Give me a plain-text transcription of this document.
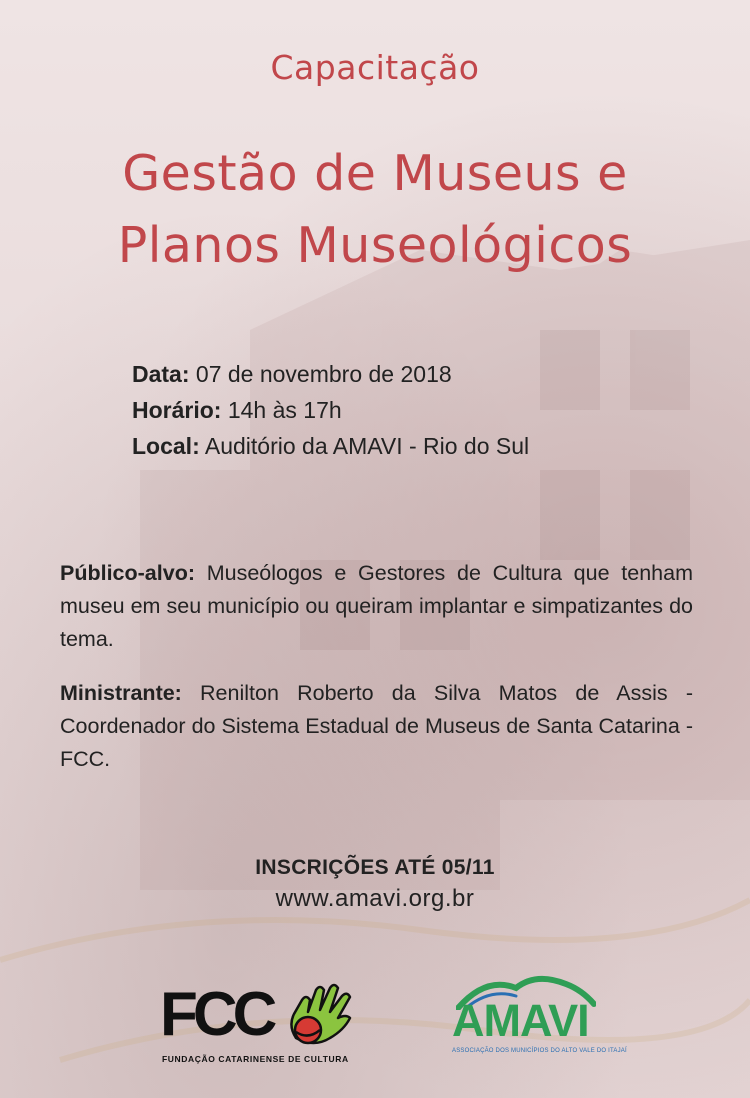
Capacitação
Gestão de Museus e
Planos Museológicos
Data: 07 de novembro de 2018
Horário: 14h às 17h
Local: Auditório da AMAVI - Rio do Sul
Público-alvo: Museólogos e Gestores de Cultura que tenham museu em seu município ou queiram implantar e simpatizantes do tema.
Ministrante: Renilton Roberto da Silva Matos de Assis - Coordenador do Sistema Estadual de Museus de Santa Catarina - FCC.
INSCRIÇÕES ATÉ 05/11
www.amavi.org.br
FCC
FUNDAÇÃO CATARINENSE DE CULTURA
AMAVI
ASSOCIAÇÃO DOS MUNICÍPIOS DO ALTO VALE DO ITAJAÍ
